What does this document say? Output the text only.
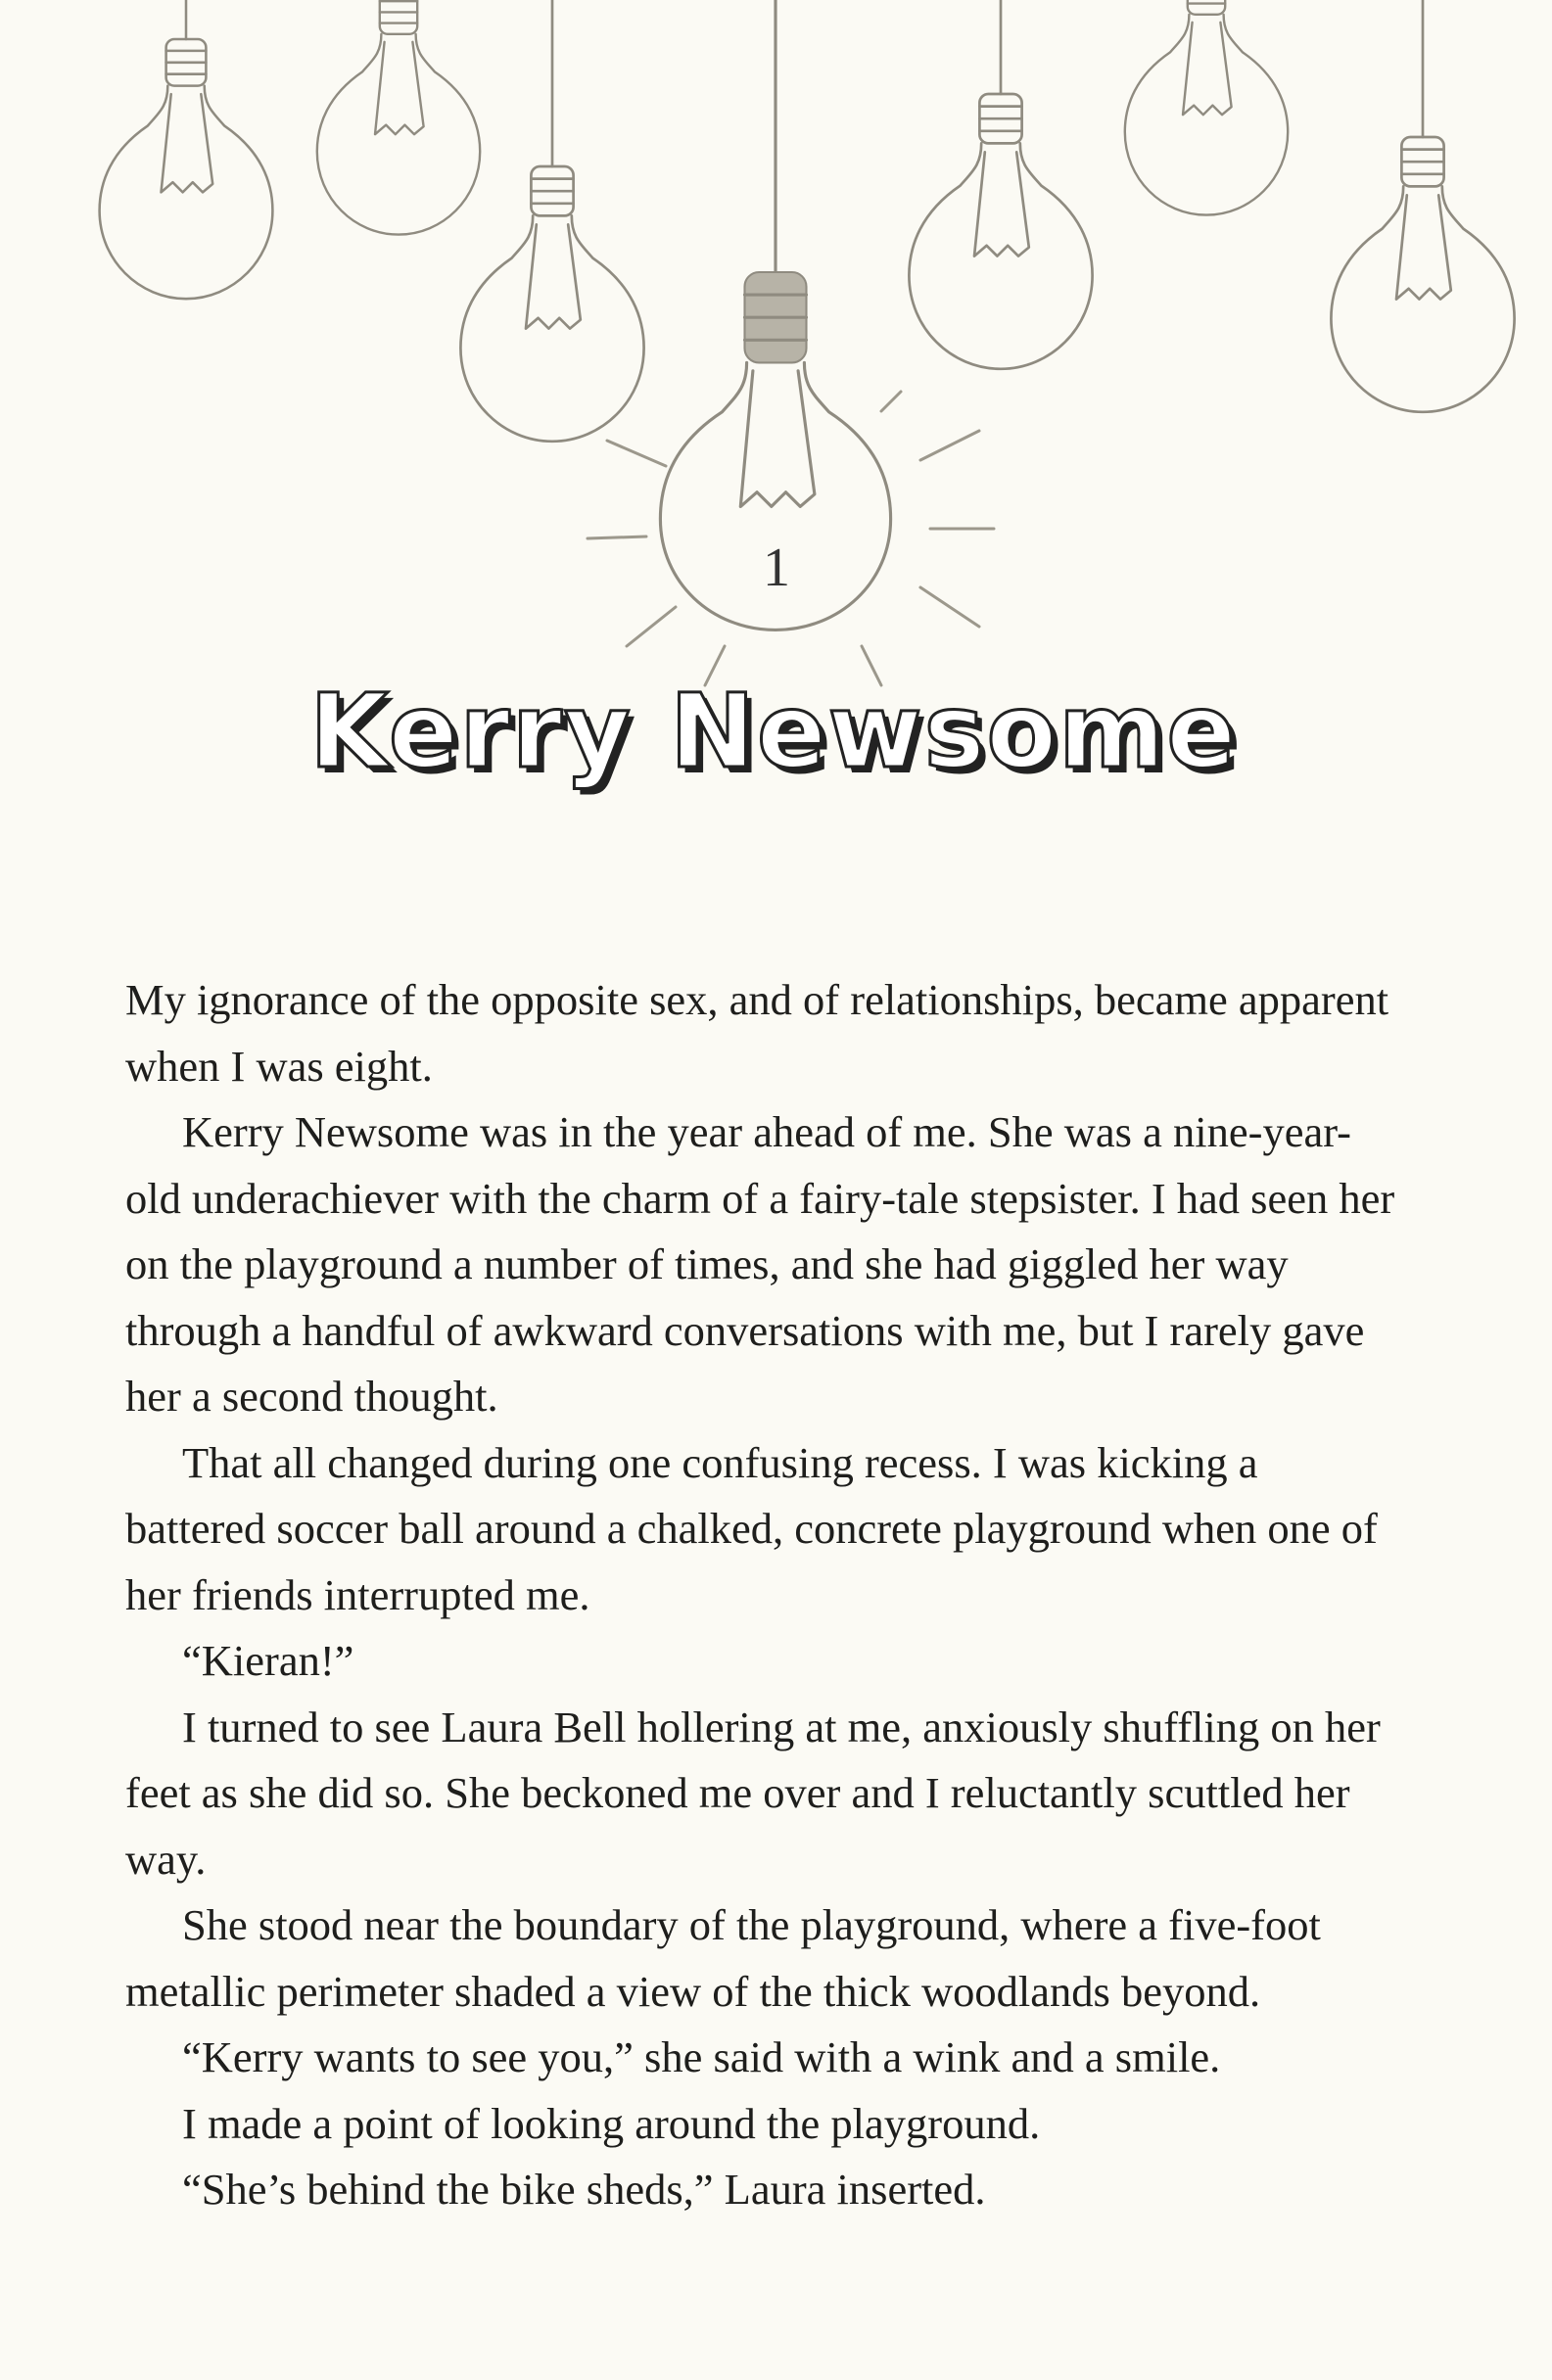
1
Kerry Newsome

My ignorance of the opposite sex, and of relationships, became apparent when I was eight.

Kerry Newsome was in the year ahead of me. She was a nine-year-old underachiever with the charm of a fairy-tale stepsister. I had seen her on the playground a number of times, and she had giggled her way through a handful of awkward conversations with me, but I rarely gave her a second thought.

That all changed during one confusing recess. I was kicking a battered soccer ball around a chalked, concrete playground when one of her friends interrupted me.

“Kieran!”

I turned to see Laura Bell hollering at me, anxiously shuffling on her feet as she did so. She beckoned me over and I reluctantly scuttled her way.

She stood near the boundary of the playground, where a five-foot metallic perimeter shaded a view of the thick woodlands beyond.

“Kerry wants to see you,” she said with a wink and a smile.

I made a point of looking around the playground.

“She’s behind the bike sheds,” Laura inserted.
